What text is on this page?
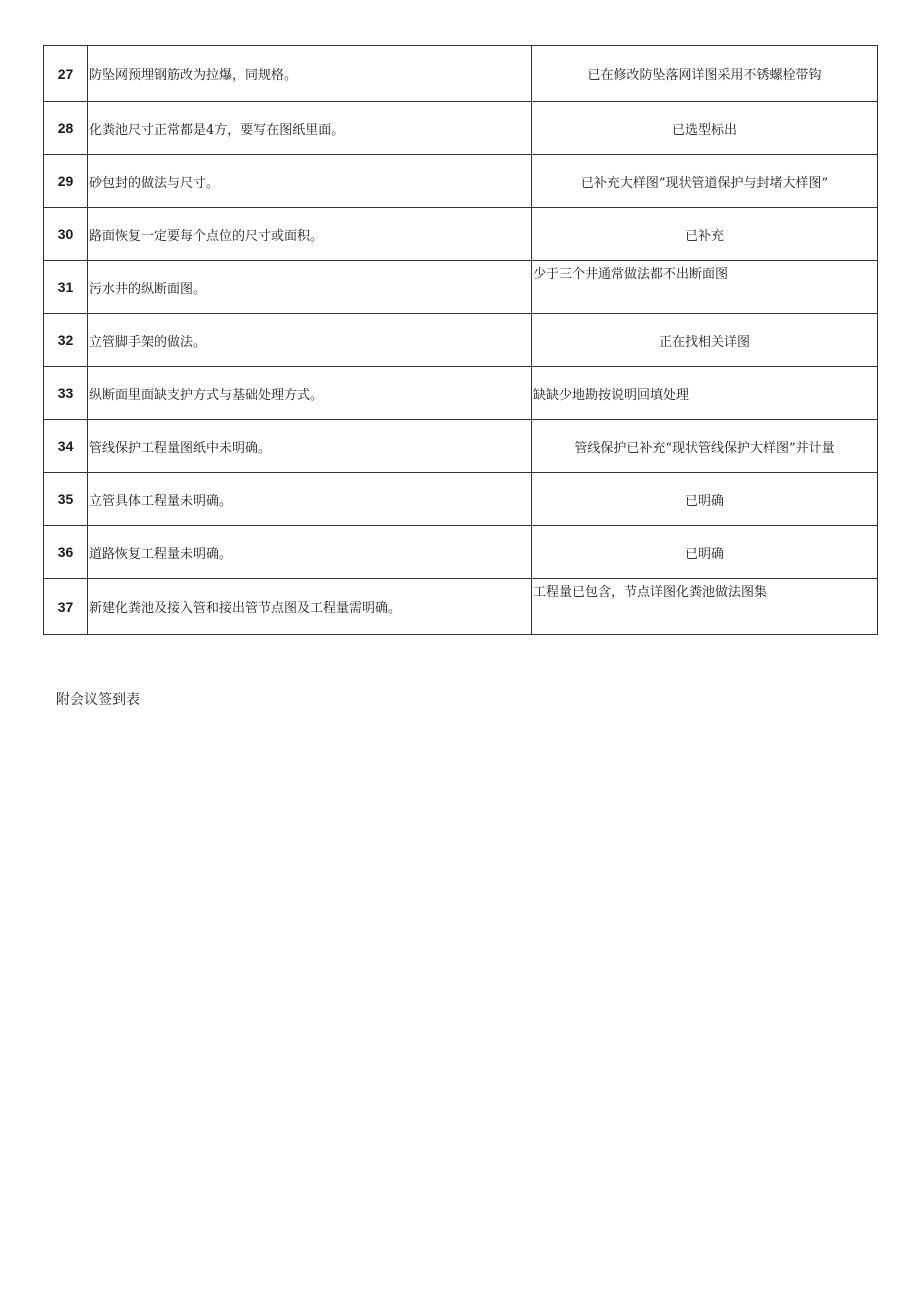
27	防坠网预埋钢筋改为拉爆，同规格。	已在修改防坠落网详图采用不锈螺栓带钩
28	化粪池尺寸正常都是4方，要写在图纸里面。	已选型标出
29	砂包封的做法与尺寸。	已补充大样图”现状管道保护与封堵大样图”
30	路面恢复一定要每个点位的尺寸或面积。	已补充
31	污水井的纵断面图。	少于三个井通常做法都不出断面图
32	立管脚手架的做法。	正在找相关详图
33	纵断面里面缺支护方式与基础处理方式。	缺缺少地勘按说明回填处理
34	管线保护工程量图纸中未明确。	管线保护已补充“现状管线保护大样图”并计量
35	立管具体工程量未明确。	已明确
36	道路恢复工程量未明确。	已明确
37	新建化粪池及接入管和接出管节点图及工程量需明确。	工程量已包含，节点详图化粪池做法图集
附会议签到表
